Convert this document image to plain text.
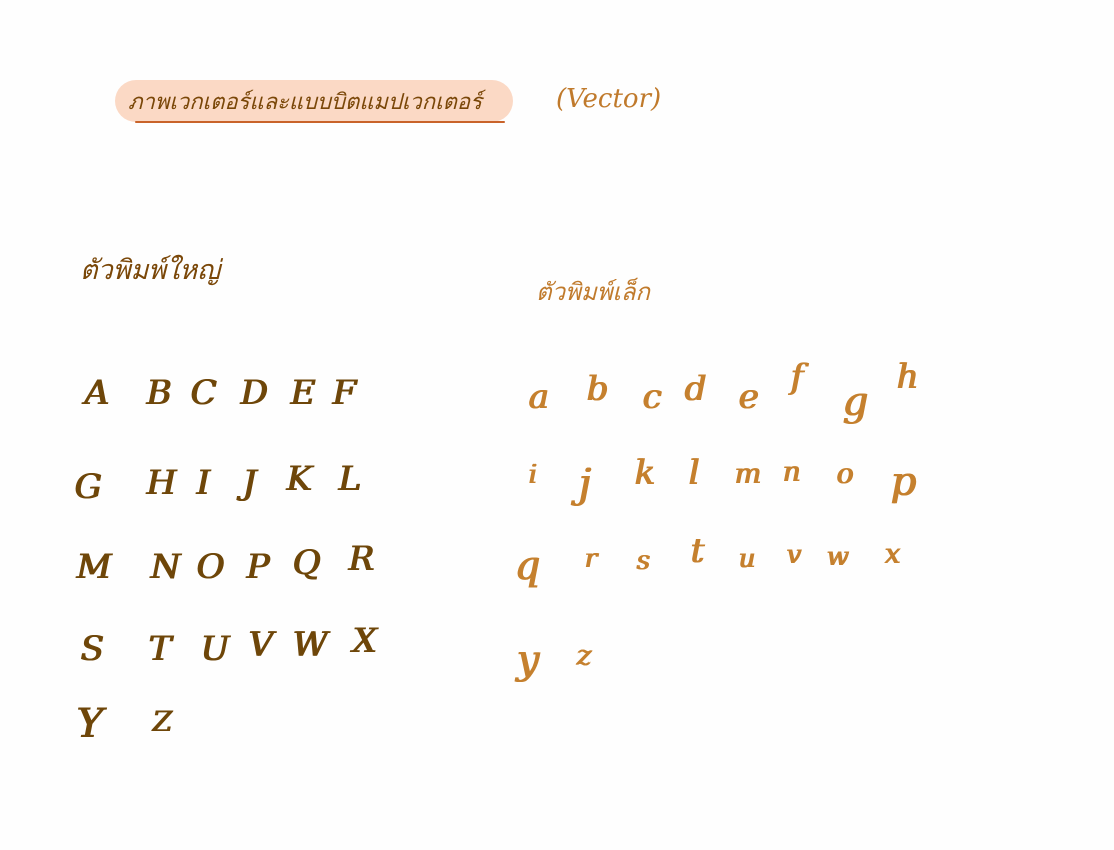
ภาพเวกเตอร์และแบบบิตแมปเวกเตอร์	(Vector)
ตัวพิมพ์ใหญ่
ตัวพิมพ์เล็ก
A B C D E F
G H I J K L
M N O P Q R
S T U V W X
Y Z
a b c d e f
g
h
i j k l m n o p
q r s t u v w x
y z
